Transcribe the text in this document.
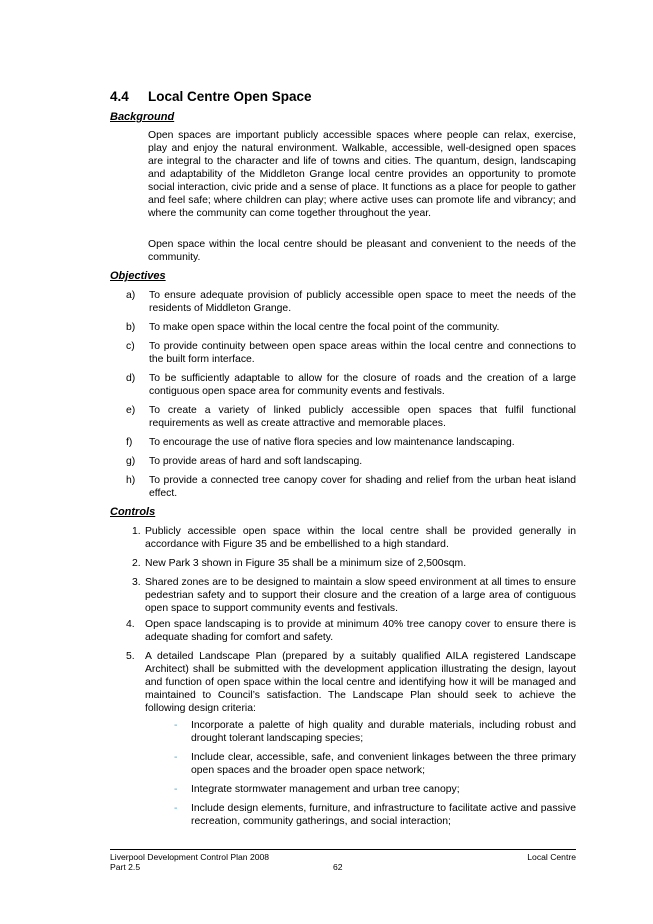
4.4 Local Centre Open Space
Background
Open spaces are important publicly accessible spaces where people can relax, exercise, play and enjoy the natural environment. Walkable, accessible, well-designed open spaces are integral to the character and life of towns and cities. The quantum, design, landscaping and adaptability of the Middleton Grange local centre provides an opportunity to promote social interaction, civic pride and a sense of place. It functions as a place for people to gather and feel safe; where children can play; where active uses can promote life and vibrancy; and where the community can come together throughout the year.
Open space within the local centre should be pleasant and convenient to the needs of the community.
Objectives
a) To ensure adequate provision of publicly accessible open space to meet the needs of the residents of Middleton Grange.
b) To make open space within the local centre the focal point of the community.
c) To provide continuity between open space areas within the local centre and connections to the built form interface.
d) To be sufficiently adaptable to allow for the closure of roads and the creation of a large contiguous open space area for community events and festivals.
e) To create a variety of linked publicly accessible open spaces that fulfil functional requirements as well as create attractive and memorable places.
f) To encourage the use of native flora species and low maintenance landscaping.
g) To provide areas of hard and soft landscaping.
h) To provide a connected tree canopy cover for shading and relief from the urban heat island effect.
Controls
1. Publicly accessible open space within the local centre shall be provided generally in accordance with Figure 35 and be embellished to a high standard.
2. New Park 3 shown in Figure 35 shall be a minimum size of 2,500sqm.
3. Shared zones are to be designed to maintain a slow speed environment at all times to ensure pedestrian safety and to support their closure and the creation of a large area of contiguous open space to support community events and festivals.
4. Open space landscaping is to provide at minimum 40% tree canopy cover to ensure there is adequate shading for comfort and safety.
5. A detailed Landscape Plan (prepared by a suitably qualified AILA registered Landscape Architect) shall be submitted with the development application illustrating the design, layout and function of open space within the local centre and identifying how it will be managed and maintained to Council’s satisfaction. The Landscape Plan should seek to achieve the following design criteria:
- Incorporate a palette of high quality and durable materials, including robust and drought tolerant landscaping species;
- Include clear, accessible, safe, and convenient linkages between the three primary open spaces and the broader open space network;
- Integrate stormwater management and urban tree canopy;
- Include design elements, furniture, and infrastructure to facilitate active and passive recreation, community gatherings, and social interaction;
Liverpool Development Control Plan 2008
Part 2.5	62
Local Centre
